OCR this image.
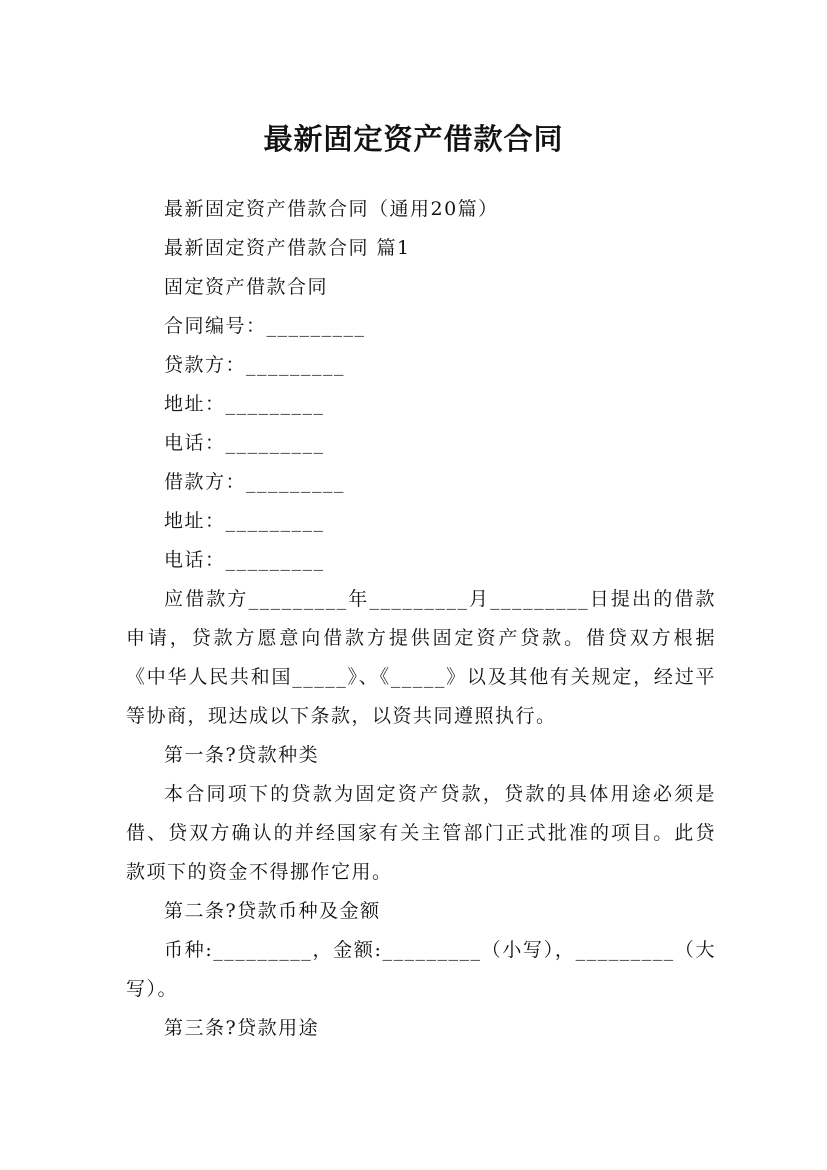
最新固定资产借款合同

最新固定资产借款合同（通用20篇）

最新固定资产借款合同 篇1

固定资产借款合同

合同编号：_________

贷款方：_________

地址：_________

电话：_________

借款方：_________

地址：_________

电话：_________

应借款方_________年_________月_________日提出的借款申请，贷款方愿意向借款方提供固定资产贷款。借贷双方根据《中华人民共和国_____》、《_____》以及其他有关规定，经过平等协商，现达成以下条款，以资共同遵照执行。

第一条?贷款种类

本合同项下的贷款为固定资产贷款，贷款的具体用途必须是借、贷双方确认的并经国家有关主管部门正式批准的项目。此贷款项下的资金不得挪作它用。

第二条?贷款币种及金额

币种:_________，金额:_________（小写），_________（大写）。

第三条?贷款用途
